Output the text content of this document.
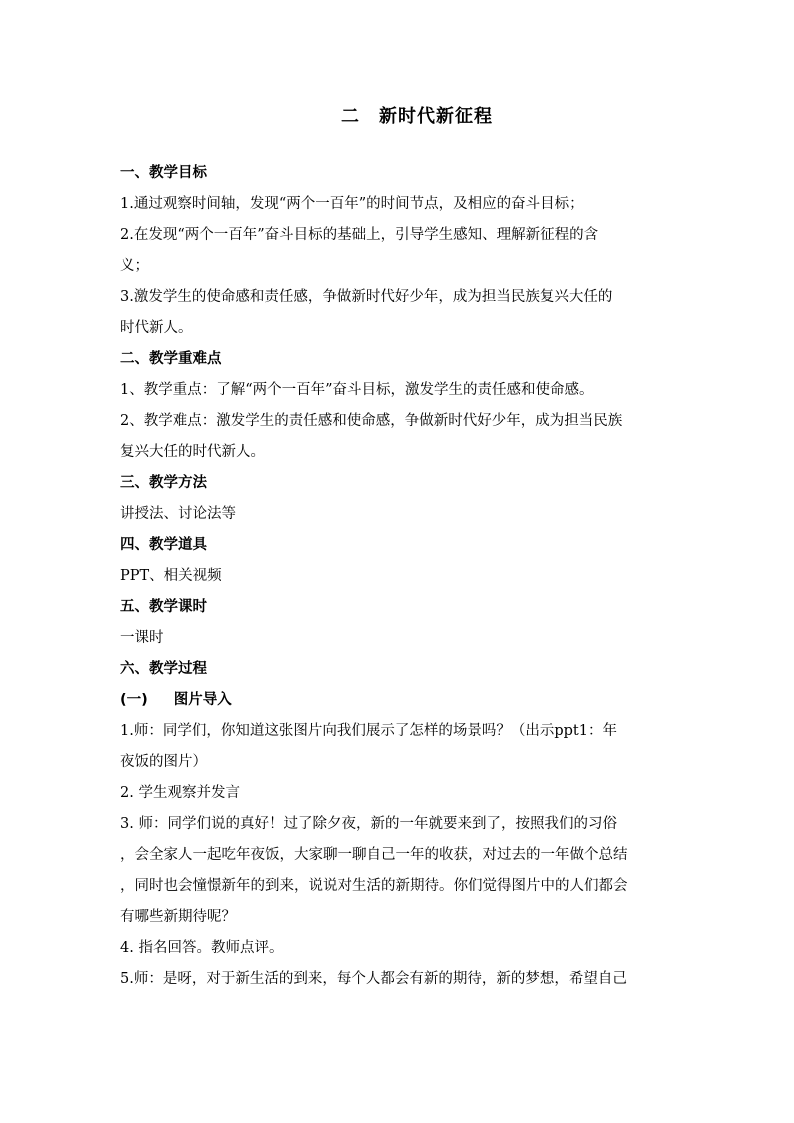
二　新时代新征程

一、教学目标

1.通过观察时间轴，发现“两个一百年”的时间节点，及相应的奋斗目标；

2.在发现“两个一百年”奋斗目标的基础上，引导学生感知、理解新征程的含

义；

3.激发学生的使命感和责任感，争做新时代好少年，成为担当民族复兴大任的

时代新人。

二、教学重难点

1、教学重点：了解“两个一百年”奋斗目标，激发学生的责任感和使命感。

2、教学难点：激发学生的责任感和使命感，争做新时代好少年，成为担当民族

复兴大任的时代新人。

三、教学方法

讲授法、讨论法等

四、教学道具

PPT、相关视频

五、教学课时

一课时

六、教学过程

(一) 图片导入

1.师：同学们，你知道这张图片向我们展示了怎样的场景吗？（出示ppt1：年

夜饭的图片）

2. 学生观察并发言

3. 师：同学们说的真好！过了除夕夜，新的一年就要来到了，按照我们的习俗

，会全家人一起吃年夜饭，大家聊一聊自己一年的收获，对过去的一年做个总结

，同时也会憧憬新年的到来，说说对生活的新期待。你们觉得图片中的人们都会

有哪些新期待呢？

4. 指名回答。教师点评。

5.师：是呀，对于新生活的到来，每个人都会有新的期待，新的梦想，希望自己
